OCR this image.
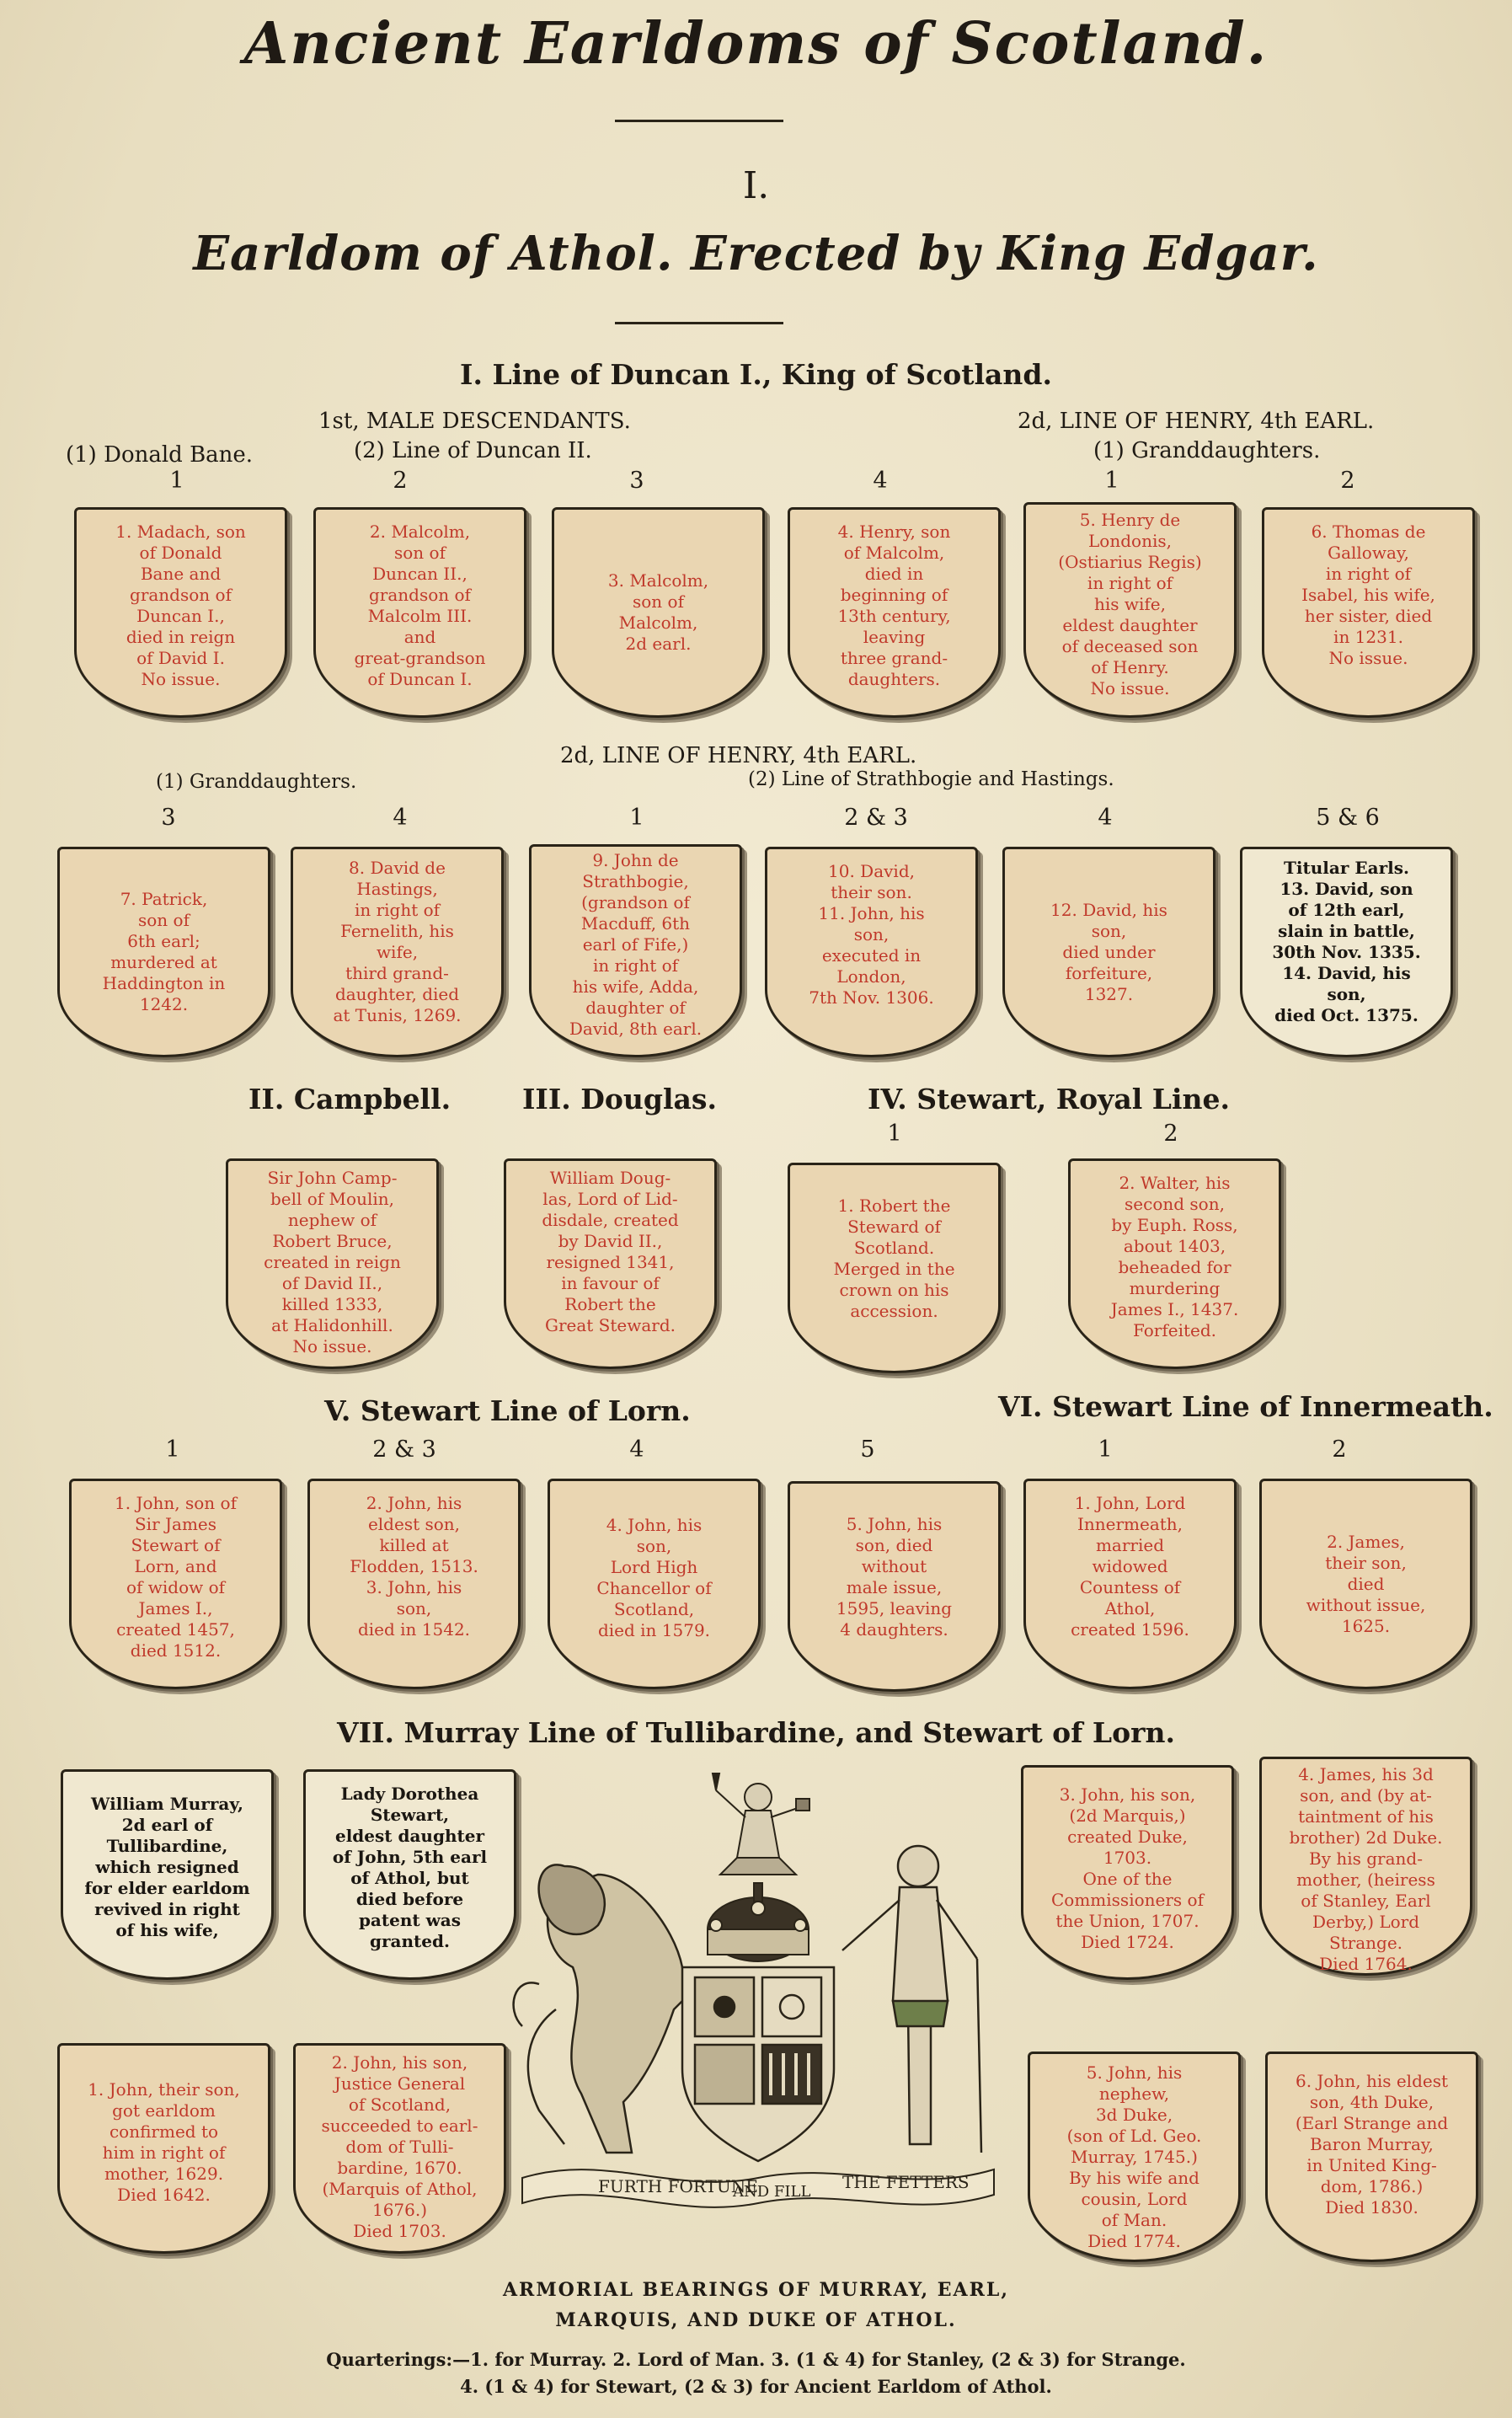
Ancient Earldoms of Scotland.
I.
Earldom of Athol. Erected by King Edgar.
I. Line of Duncan I., King of Scotland.
1st, MALE DESCENDANTS.	2d, LINE OF HENRY, 4th EARL.
(1) Donald Bane.	(2) Line of Duncan II.	(1) Granddaughters.
1	2	3	4	1	2
1. Madach, son
of Donald
Bane and
grandson of
Duncan I.,
died in reign
of David I.
No issue.
2. Malcolm,
son of
Duncan II.,
grandson of
Malcolm III.
and
great-grandson
of Duncan I.
3. Malcolm,
son of
Malcolm,
2d earl.
4. Henry, son
of Malcolm,
died in
beginning of
13th century,
leaving
three grand-
daughters.
5. Henry de
Londonis,
(Ostiarius Regis)
in right of
his wife,
eldest daughter
of deceased son
of Henry.
No issue.
6. Thomas de
Galloway,
in right of
Isabel, his wife,
her sister, died
in 1231.
No issue.
2d, LINE OF HENRY, 4th EARL.
(1) Granddaughters.	(2) Line of Strathbogie and Hastings.
3	4	1	2 & 3	4	5 & 6
7. Patrick,
son of
6th earl;
murdered at
Haddington in
1242.
8. David de
Hastings,
in right of
Fernelith, his
wife,
third grand-
daughter, died
at Tunis, 1269.
9. John de
Strathbogie,
(grandson of
Macduff, 6th
earl of Fife,)
in right of
his wife, Adda,
daughter of
David, 8th earl.
10. David,
their son.
11. John, his
son,
executed in
London,
7th Nov. 1306.
12. David, his
son,
died under
forfeiture,
1327.
Titular Earls.
13. David, son
of 12th earl,
slain in battle,
30th Nov. 1335.
14. David, his
son,
died Oct. 1375.
II. Campbell.	III. Douglas.	IV. Stewart, Royal Line.
1	2
Sir John Camp-
bell of Moulin,
nephew of
Robert Bruce,
created in reign
of David II.,
killed 1333,
at Halidonhill.
No issue.
William Doug-
las, Lord of Lid-
disdale, created
by David II.,
resigned 1341,
in favour of
Robert the
Great Steward.
1. Robert the
Steward of
Scotland.
Merged in the
crown on his
accession.
2. Walter, his
second son,
by Euph. Ross,
about 1403,
beheaded for
murdering
James I., 1437.
Forfeited.
V. Stewart Line of Lorn.	VI. Stewart Line of Innermeath.
1	2 & 3	4	5	1	2
1. John, son of
Sir James
Stewart of
Lorn, and
of widow of
James I.,
created 1457,
died 1512.
2. John, his
eldest son,
killed at
Flodden, 1513.
3. John, his
son,
died in 1542.
4. John, his
son,
Lord High
Chancellor of
Scotland,
died in 1579.
5. John, his
son, died
without
male issue,
1595, leaving
4 daughters.
1. John, Lord
Innermeath,
married
widowed
Countess of
Athol,
created 1596.
2. James,
their son,
died
without issue,
1625.
VII. Murray Line of Tullibardine, and Stewart of Lorn.
William Murray,
2d earl of
Tullibardine,
which resigned
for elder earldom
revived in right
of his wife,
Lady Dorothea
Stewart,
eldest daughter
of John, 5th earl
of Athol, but
died before
patent was
granted.
3. John, his son,
(2d Marquis,)
created Duke,
1703.
One of the
Commissioners of
the Union, 1707.
Died 1724.
4. James, his 3d
son, and (by at-
taintment of his
brother) 2d Duke.
By his grand-
mother, (heiress
of Stanley, Earl
Derby,) Lord
Strange.
Died 1764.
1. John, their son,
got earldom
confirmed to
him in right of
mother, 1629.
Died 1642.
2. John, his son,
Justice General
of Scotland,
succeeded to earl-
dom of Tulli-
bardine, 1670.
(Marquis of Athol,
1676.)
Died 1703.
5. John, his
nephew,
3d Duke,
(son of Ld. Geo.
Murray, 1745.)
By his wife and
cousin, Lord
of Man.
Died 1774.
6. John, his eldest
son, 4th Duke,
(Earl Strange and
Baron Murray,
in United King-
dom, 1786.)
Died 1830.
FURTH FORTUNE
AND FILL THE FETTERS
ARMORIAL BEARINGS OF MURRAY, EARL,
MARQUIS, AND DUKE OF ATHOL.
Quarterings:—1. for Murray. 2. Lord of Man. 3. (1 & 4) for Stanley, (2 & 3) for Strange.
4. (1 & 4) for Stewart, (2 & 3) for Ancient Earldom of Athol.
